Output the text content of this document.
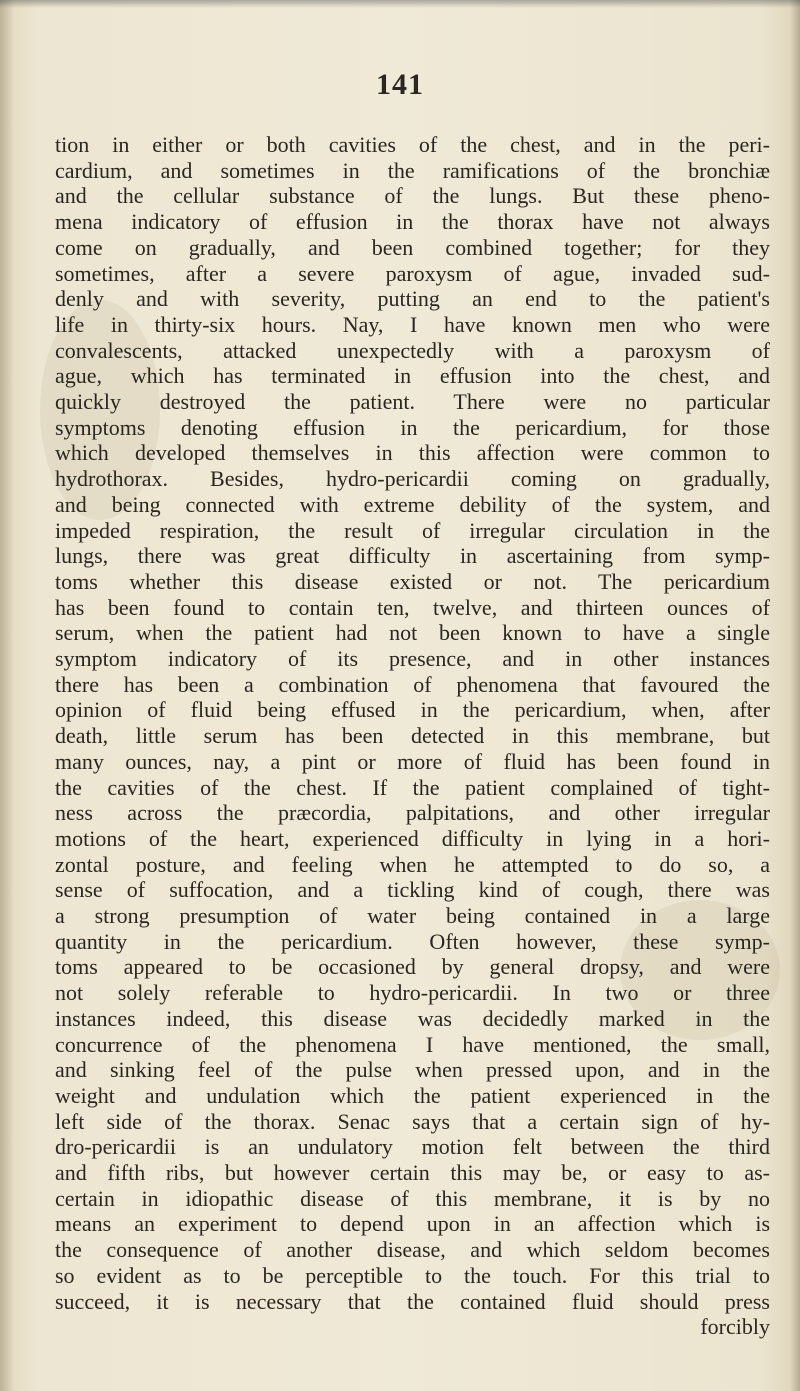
141
tion in either or both cavities of the chest, and in the peri-
cardium, and sometimes in the ramifications of the bronchiæ
and the cellular substance of the lungs. But these pheno-
mena indicatory of effusion in the thorax have not always
come on gradually, and been combined together; for they
sometimes, after a severe paroxysm of ague, invaded sud-
denly and with severity, putting an end to the patient's
life in thirty-six hours. Nay, I have known men who were
convalescents, attacked unexpectedly with a paroxysm of
ague, which has terminated in effusion into the chest, and
quickly destroyed the patient. There were no particular
symptoms denoting effusion in the pericardium, for those
which developed themselves in this affection were common to
hydrothorax. Besides, hydro-pericardii coming on gradually,
and being connected with extreme debility of the system, and
impeded respiration, the result of irregular circulation in the
lungs, there was great difficulty in ascertaining from symp-
toms whether this disease existed or not. The pericardium
has been found to contain ten, twelve, and thirteen ounces of
serum, when the patient had not been known to have a single
symptom indicatory of its presence, and in other instances
there has been a combination of phenomena that favoured the
opinion of fluid being effused in the pericardium, when, after
death, little serum has been detected in this membrane, but
many ounces, nay, a pint or more of fluid has been found in
the cavities of the chest. If the patient complained of tight-
ness across the præcordia, palpitations, and other irregular
motions of the heart, experienced difficulty in lying in a hori-
zontal posture, and feeling when he attempted to do so, a
sense of suffocation, and a tickling kind of cough, there was
a strong presumption of water being contained in a large
quantity in the pericardium. Often however, these symp-
toms appeared to be occasioned by general dropsy, and were
not solely referable to hydro-pericardii. In two or three
instances indeed, this disease was decidedly marked in the
concurrence of the phenomena I have mentioned, the small,
and sinking feel of the pulse when pressed upon, and in the
weight and undulation which the patient experienced in the
left side of the thorax. Senac says that a certain sign of hy-
dro-pericardii is an undulatory motion felt between the third
and fifth ribs, but however certain this may be, or easy to as-
certain in idiopathic disease of this membrane, it is by no
means an experiment to depend upon in an affection which is
the consequence of another disease, and which seldom becomes
so evident as to be perceptible to the touch. For this trial to
succeed, it is necessary that the contained fluid should press
forcibly
